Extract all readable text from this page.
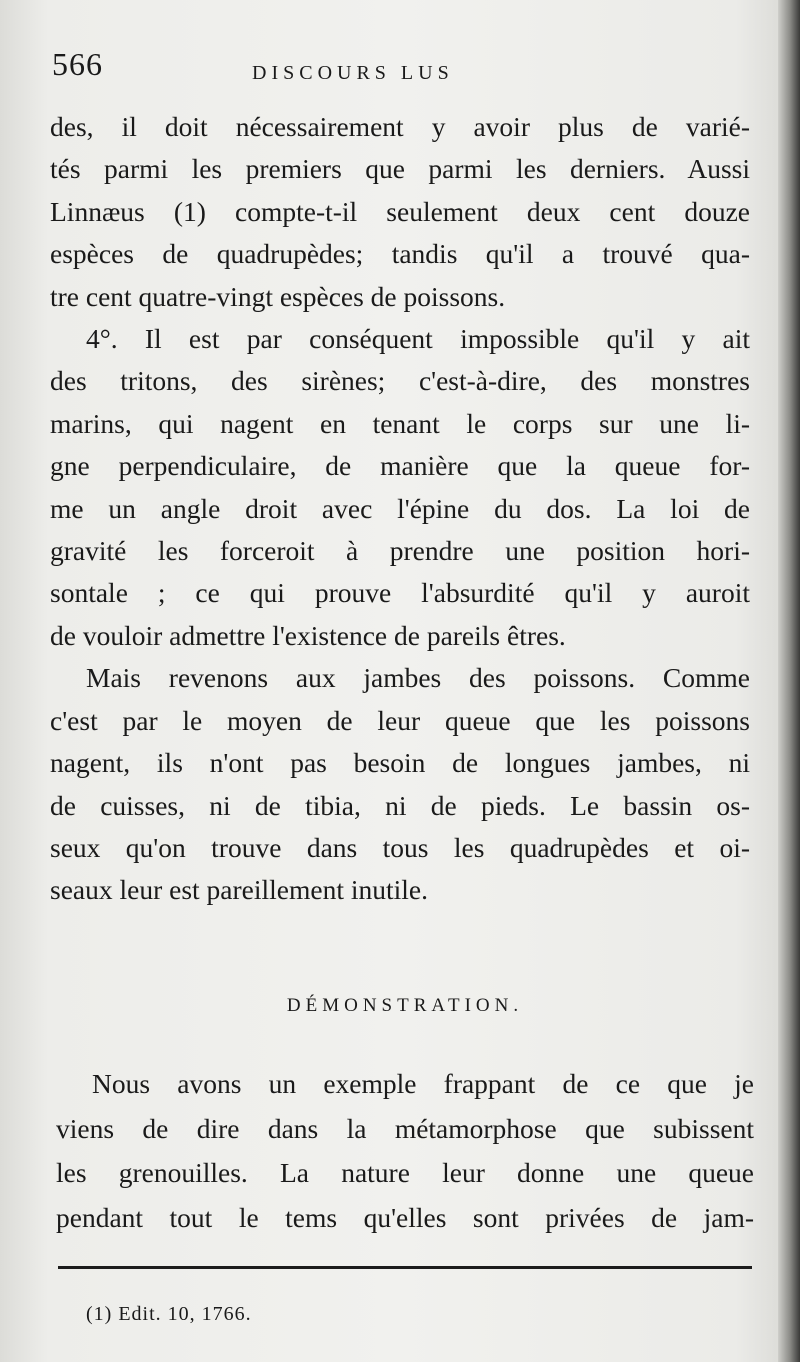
566	DISCOURS LUS
des, il doit nécessairement y avoir plus de varié-
tés parmi les premiers que parmi les derniers. Aussi
Linnæus (1) compte-t-il seulement deux cent douze
espèces de quadrupèdes; tandis qu'il a trouvé qua-
tre cent quatre-vingt espèces de poissons.
4°. Il est par conséquent impossible qu'il y ait
des tritons, des sirènes; c'est-à-dire, des monstres
marins, qui nagent en tenant le corps sur une li-
gne perpendiculaire, de manière que la queue for-
me un angle droit avec l'épine du dos. La loi de
gravité les forceroit à prendre une position hori-
sontale ; ce qui prouve l'absurdité qu'il y auroit
de vouloir admettre l'existence de pareils êtres.
Mais revenons aux jambes des poissons. Comme
c'est par le moyen de leur queue que les poissons
nagent, ils n'ont pas besoin de longues jambes, ni
de cuisses, ni de tibia, ni de pieds. Le bassin os-
seux qu'on trouve dans tous les quadrupèdes et oi-
seaux leur est pareillement inutile.
DÉMONSTRATION.
Nous avons un exemple frappant de ce que je
viens de dire dans la métamorphose que subissent
les grenouilles. La nature leur donne une queue
pendant tout le tems qu'elles sont privées de jam-
(1) Edit. 10, 1766.
